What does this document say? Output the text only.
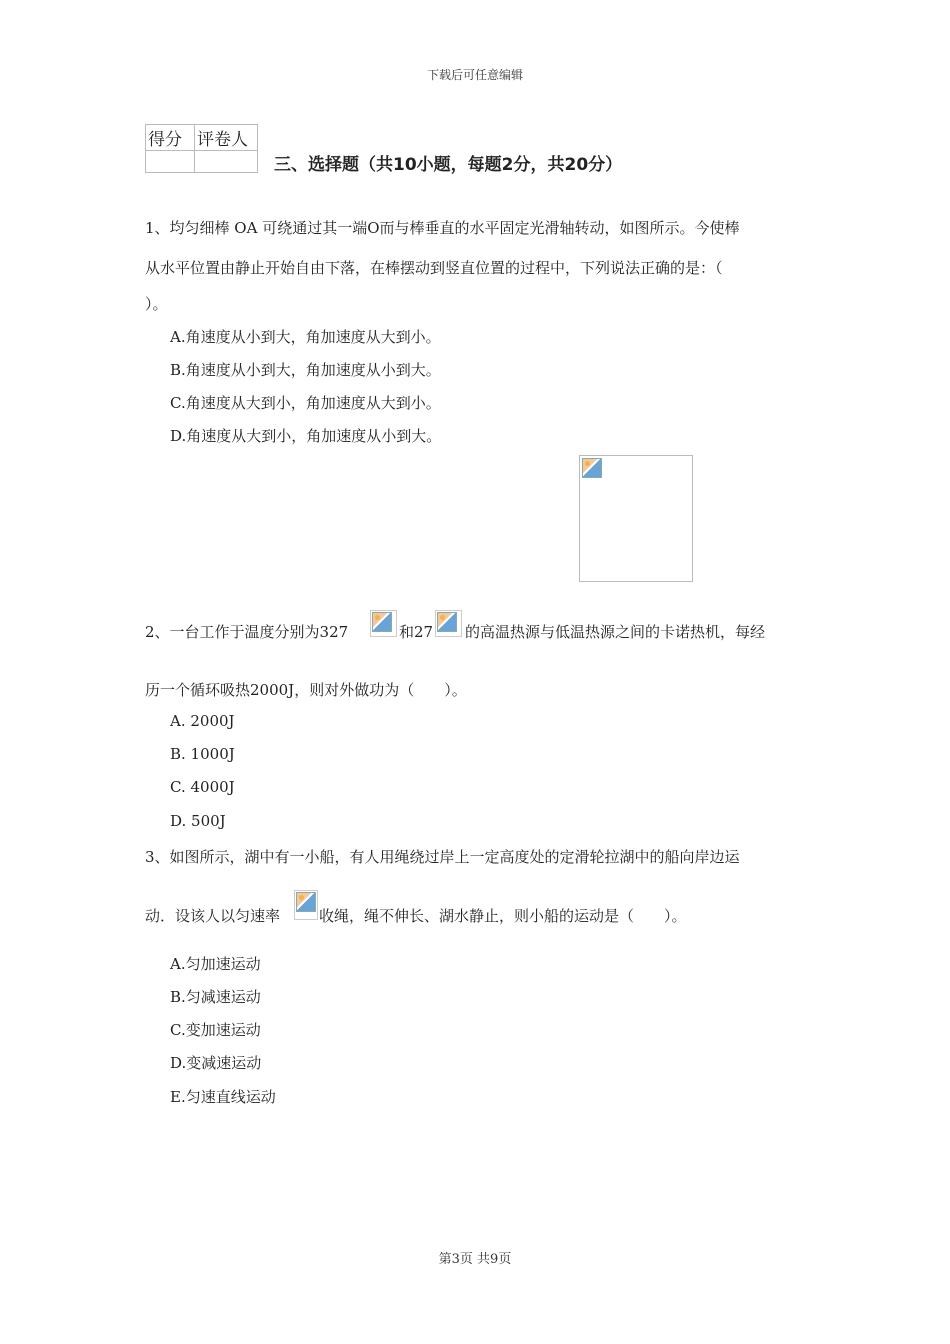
下载后可任意编辑
得分	评卷人

三、选择题（共10小题，每题2分，共20分）
1、均匀细棒 OA 可绕通过其一端O而与棒垂直的水平固定光滑轴转动，如图所示。今使棒
从水平位置由静止开始自由下落，在棒摆动到竖直位置的过程中，下列说法正确的是：（
）。
A.角速度从小到大，角加速度从大到小。
B.角速度从小到大，角加速度从小到大。
C.角速度从大到小，角加速度从大到小。
D.角速度从大到小，角加速度从小到大。
2、一台工作于温度分别为327	和27 的高温热源与低温热源之间的卡诺热机，每经
历一个循环吸热2000J，则对外做功为（　　）。
A. 2000J
B. 1000J
C. 4000J
D. 500J
3、如图所示，湖中有一小船，有人用绳绕过岸上一定高度处的定滑轮拉湖中的船向岸边运
动．设该人以匀速率	收绳，绳不伸长、湖水静止，则小船的运动是（　　）。
A.匀加速运动
B.匀减速运动
C.变加速运动
D.变减速运动
E.匀速直线运动
第3页 共9页
